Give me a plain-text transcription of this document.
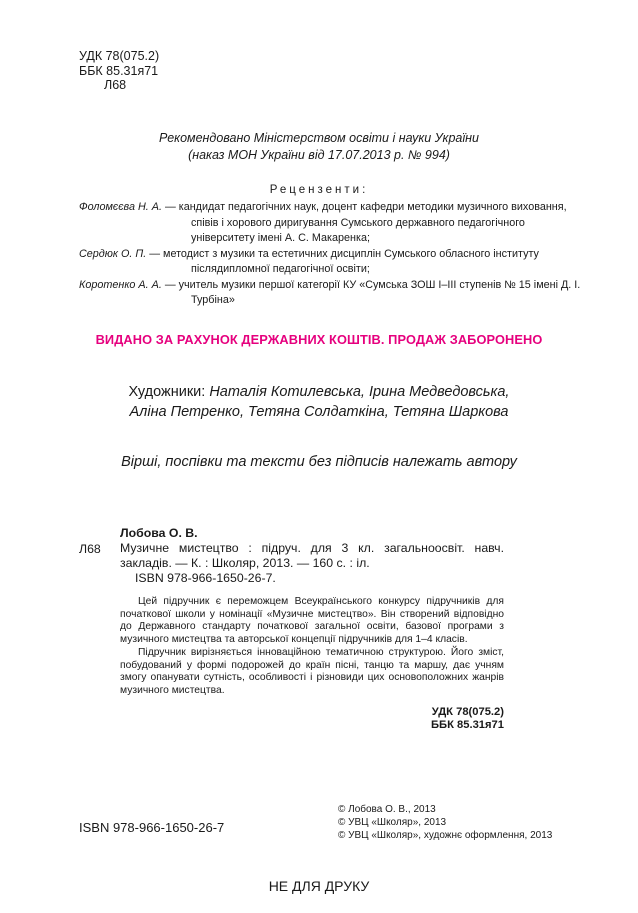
УДК 78(075.2)
ББК 85.31я71
Л68
Рекомендовано Міністерством освіти і науки України
(наказ МОН України від 17.07.2013 р. № 994)
Рецензенти:
Фоломєєва Н. А. — кандидат педагогічних наук, доцент кафедри методики музичного виховання, співів і хорового диригування Сумського державного педагогічного університету імені А. С. Макаренка;
Сердюк О. П. — методист з музики та естетичних дисциплін Сумського обласного інституту післядипломної педагогічної освіти;
Коротенко А. А. — учитель музики першої категорії КУ «Сумська ЗОШ І–ІІІ ступенів № 15 імені Д. І. Турбіна»
ВИДАНО ЗА РАХУНОК ДЕРЖАВНИХ КОШТІВ. ПРОДАЖ ЗАБОРОНЕНО
Художники: Наталія Котилевська, Ірина Медведовська,
Аліна Петренко, Тетяна Солдаткіна, Тетяна Шаркова
Вірші, поспівки та тексти без підписів належать автору
Лобова О. В.
Л68 Музичне мистецтво : підруч. для 3 кл. загальноосвіт. навч. закладів. — К. : Школяр, 2013. — 160 с. : іл.
ISBN 978-966-1650-26-7.

Цей підручник є переможцем Всеукраїнського конкурсу підручників для початкової школи у номінації «Музичне мистецтво». Він створений відповідно до Державного стандарту початкової загальної освіти, базової програми з музичного мистецтва та авторської концепції підручників для 1–4 класів.

Підручник вирізняється інноваційною тематичною структурою. Його зміст, побудований у формі подорожей до країн пісні, танцю та маршу, дає учням змогу опанувати сутність, особливості і різновиди цих основоположних жанрів музичного мистецтва.

УДК 78(075.2)
ББК 85.31я71
ISBN 978-966-1650-26-7
© Лобова О. В., 2013
© УВЦ «Школяр», 2013
© УВЦ «Школяр», художнє оформлення, 2013
НЕ ДЛЯ ДРУКУ
